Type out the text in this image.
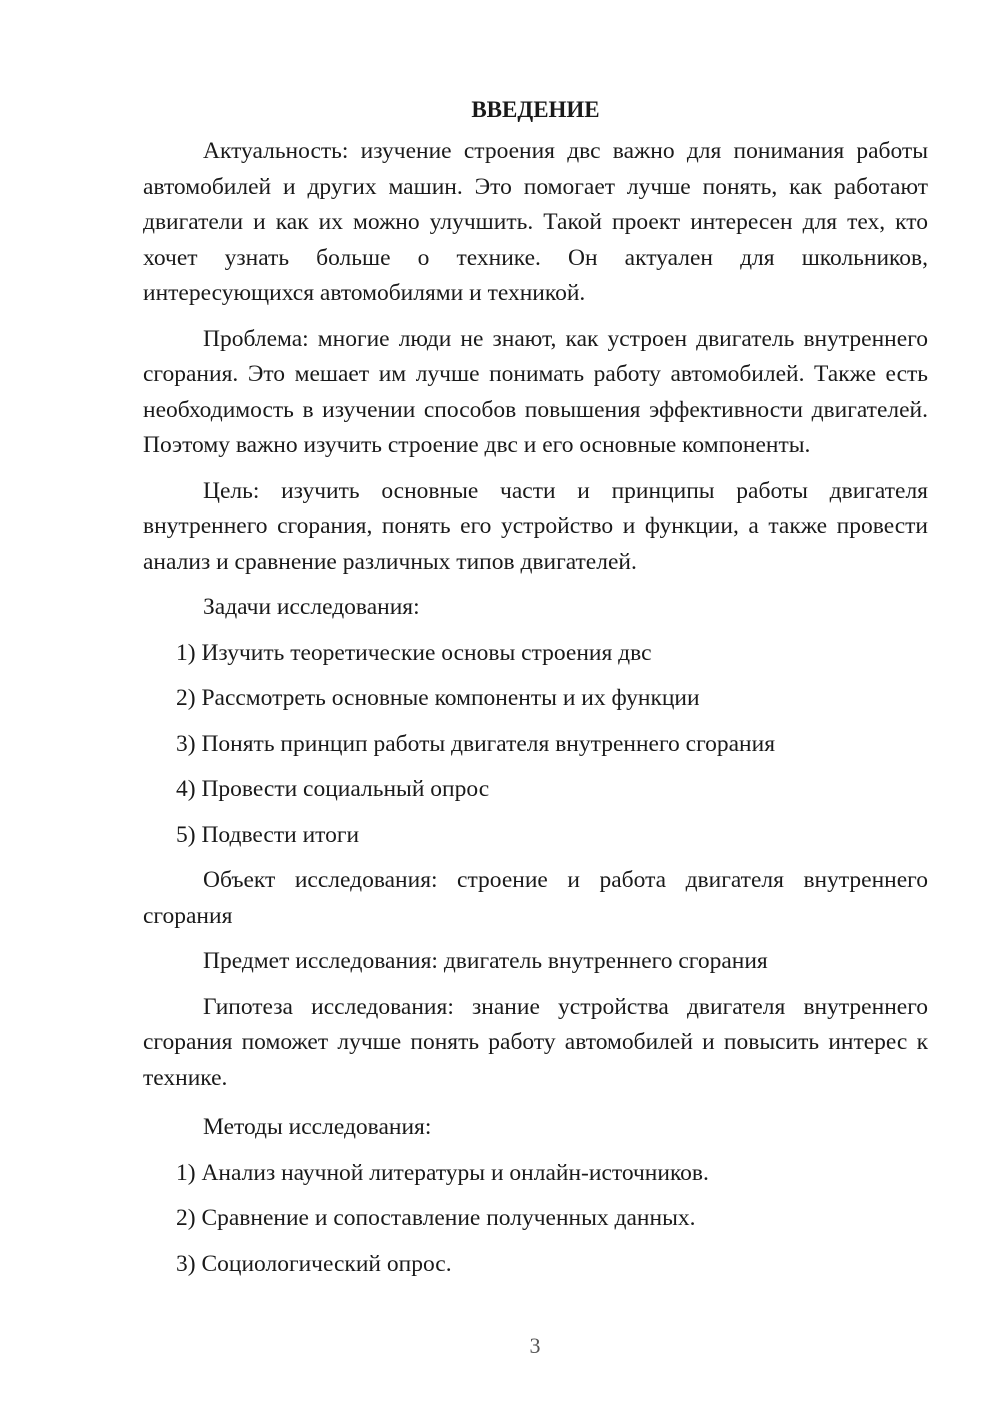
ВВЕДЕНИЕ

Актуальность: изучение строения двс важно для понимания работы автомобилей и других машин. Это помогает лучше понять, как работают двигатели и как их можно улучшить. Такой проект интересен для тех, кто хочет узнать больше о технике. Он актуален для школьников, интересующихся автомобилями и техникой.

Проблема: многие люди не знают, как устроен двигатель внутреннего сгорания. Это мешает им лучше понимать работу автомобилей. Также есть необходимость в изучении способов повышения эффективности двигателей. Поэтому важно изучить строение двс и его основные компоненты.

Цель: изучить основные части и принципы работы двигателя внутреннего сгорания, понять его устройство и функции, а также провести анализ и сравнение различных типов двигателей.

Задачи исследования:

1) Изучить теоретические основы строения двс

2) Рассмотреть основные компоненты и их функции

3) Понять принцип работы двигателя внутреннего сгорания

4) Провести социальный опрос

5) Подвести итоги

Объект исследования: строение и работа двигателя внутреннего сгорания

Предмет исследования: двигатель внутреннего сгорания

Гипотеза исследования: знание устройства двигателя внутреннего сгорания поможет лучше понять работу автомобилей и повысить интерес к технике.

Методы исследования:

1) Анализ научной литературы и онлайн-источников.

2) Сравнение и сопоставление полученных данных.

3) Социологический опрос.

3
